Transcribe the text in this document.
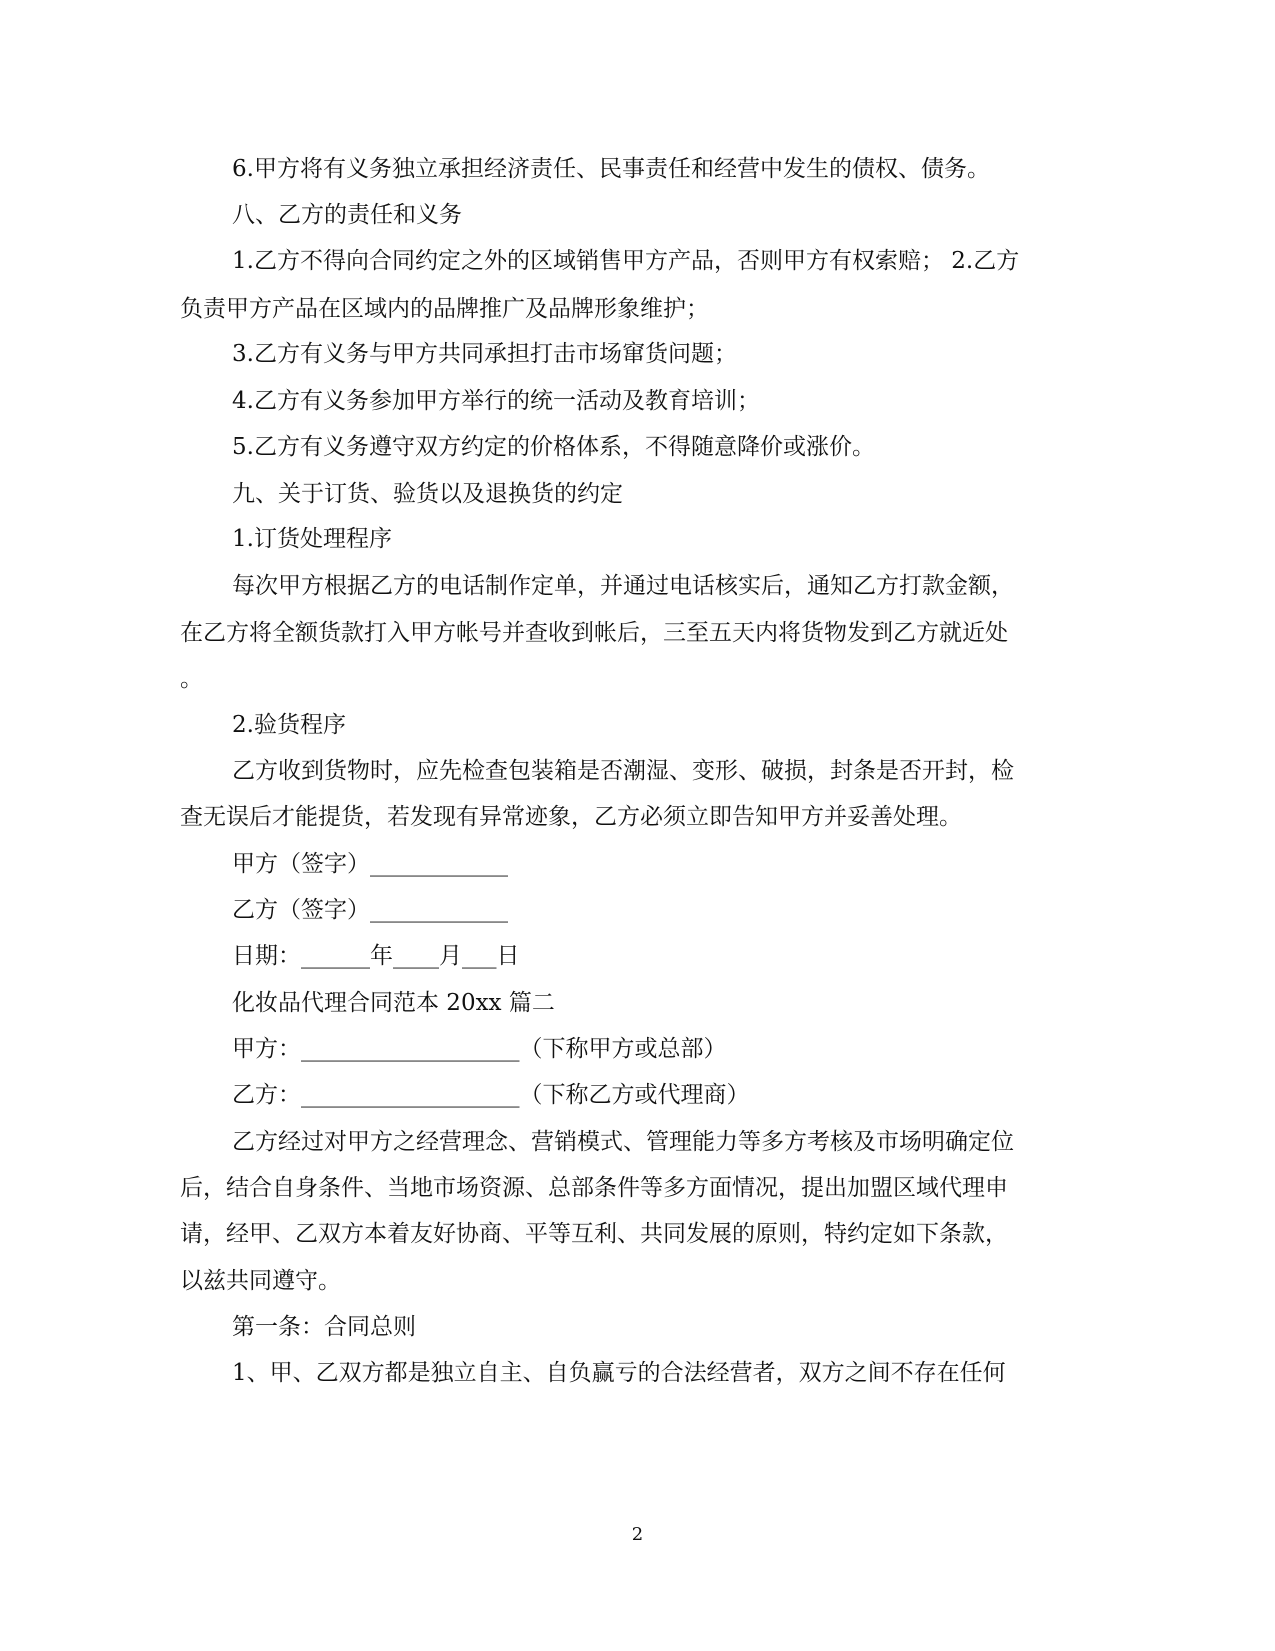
6.甲方将有义务独立承担经济责任、民事责任和经营中发生的债权、债务。
八、乙方的责任和义务
1.乙方不得向合同约定之外的区域销售甲方产品，否则甲方有权索赔； 2.乙方
负责甲方产品在区域内的品牌推广及品牌形象维护；
3.乙方有义务与甲方共同承担打击市场窜货问题；
4.乙方有义务参加甲方举行的统一活动及教育培训；
5.乙方有义务遵守双方约定的价格体系，不得随意降价或涨价。
九、关于订货、验货以及退换货的约定
1.订货处理程序
每次甲方根据乙方的电话制作定单，并通过电话核实后，通知乙方打款金额，
在乙方将全额货款打入甲方帐号并查收到帐后，三至五天内将货物发到乙方就近处
。
2.验货程序
乙方收到货物时，应先检查包装箱是否潮湿、变形、破损，封条是否开封，检
查无误后才能提货，若发现有异常迹象，乙方必须立即告知甲方并妥善处理。
甲方（签字）____________
乙方（签字）____________
日期：______年____月___日
化妆品代理合同范本 20xx 篇二
甲方：___________________（下称甲方或总部）
乙方：___________________（下称乙方或代理商）
乙方经过对甲方之经营理念、营销模式、管理能力等多方考核及市场明确定位
后，结合自身条件、当地市场资源、总部条件等多方面情况，提出加盟区域代理申
请，经甲、乙双方本着友好协商、平等互利、共同发展的原则，特约定如下条款，
以兹共同遵守。
第一条：合同总则
1、甲、乙双方都是独立自主、自负赢亏的合法经营者，双方之间不存在任何
2
